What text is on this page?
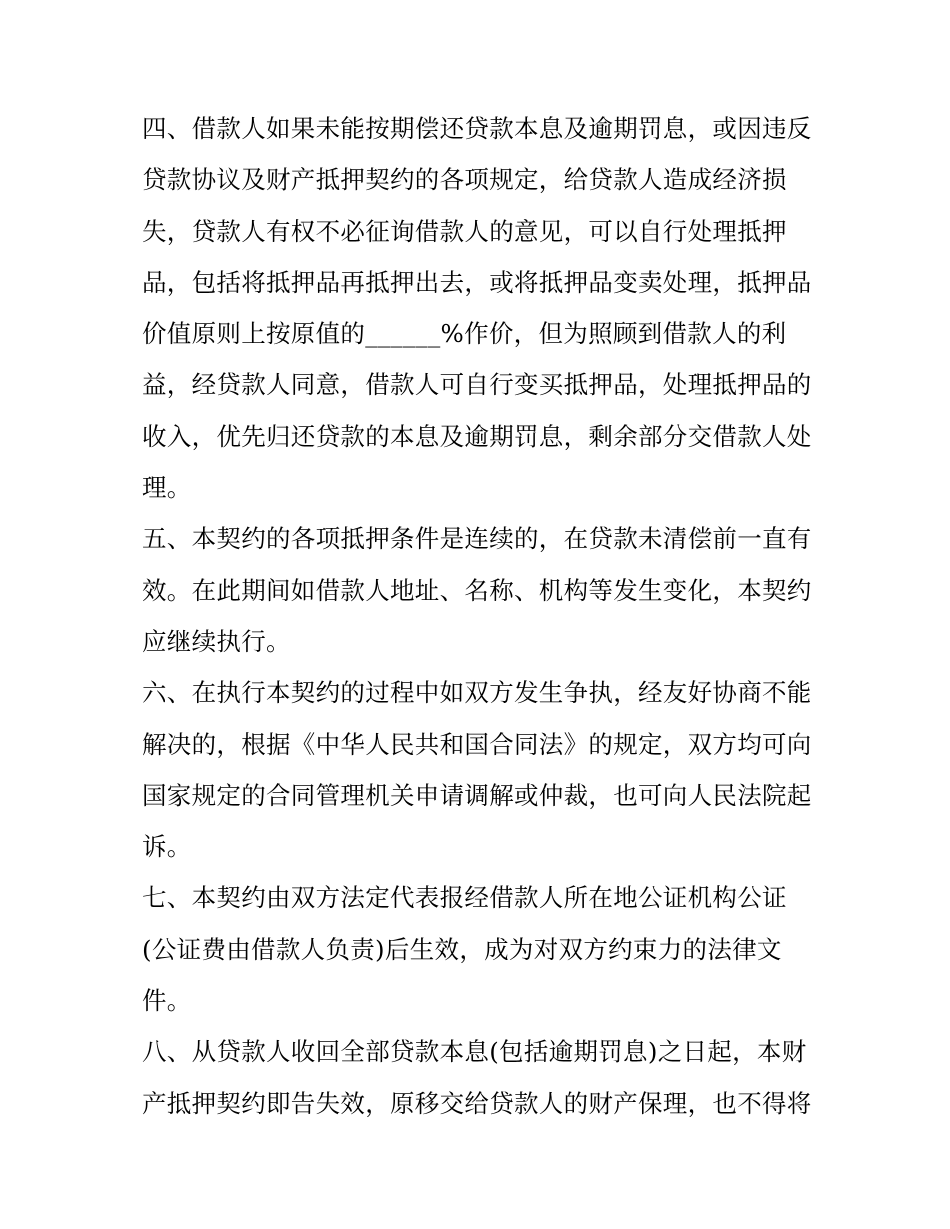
四、借款人如果未能按期偿还贷款本息及逾期罚息，或因违反
贷款协议及财产抵押契约的各项规定，给贷款人造成经济损
失，贷款人有权不必征询借款人的意见，可以自行处理抵押
品，包括将抵押品再抵押出去，或将抵押品变卖处理，抵押品
价值原则上按原值的______%作价，但为照顾到借款人的利
益，经贷款人同意，借款人可自行变买抵押品，处理抵押品的
收入，优先归还贷款的本息及逾期罚息，剩余部分交借款人处
理。
五、本契约的各项抵押条件是连续的，在贷款未清偿前一直有
效。在此期间如借款人地址、名称、机构等发生变化，本契约
应继续执行。
六、在执行本契约的过程中如双方发生争执，经友好协商不能
解决的，根据《中华人民共和国合同法》的规定，双方均可向
国家规定的合同管理机关申请调解或仲裁，也可向人民法院起
诉。
七、本契约由双方法定代表报经借款人所在地公证机构公证
(公证费由借款人负责)后生效，成为对双方约束力的法律文
件。
八、从贷款人收回全部贷款本息(包括逾期罚息)之日起，本财
产抵押契约即告失效，原移交给贷款人的财产保理，也不得将
